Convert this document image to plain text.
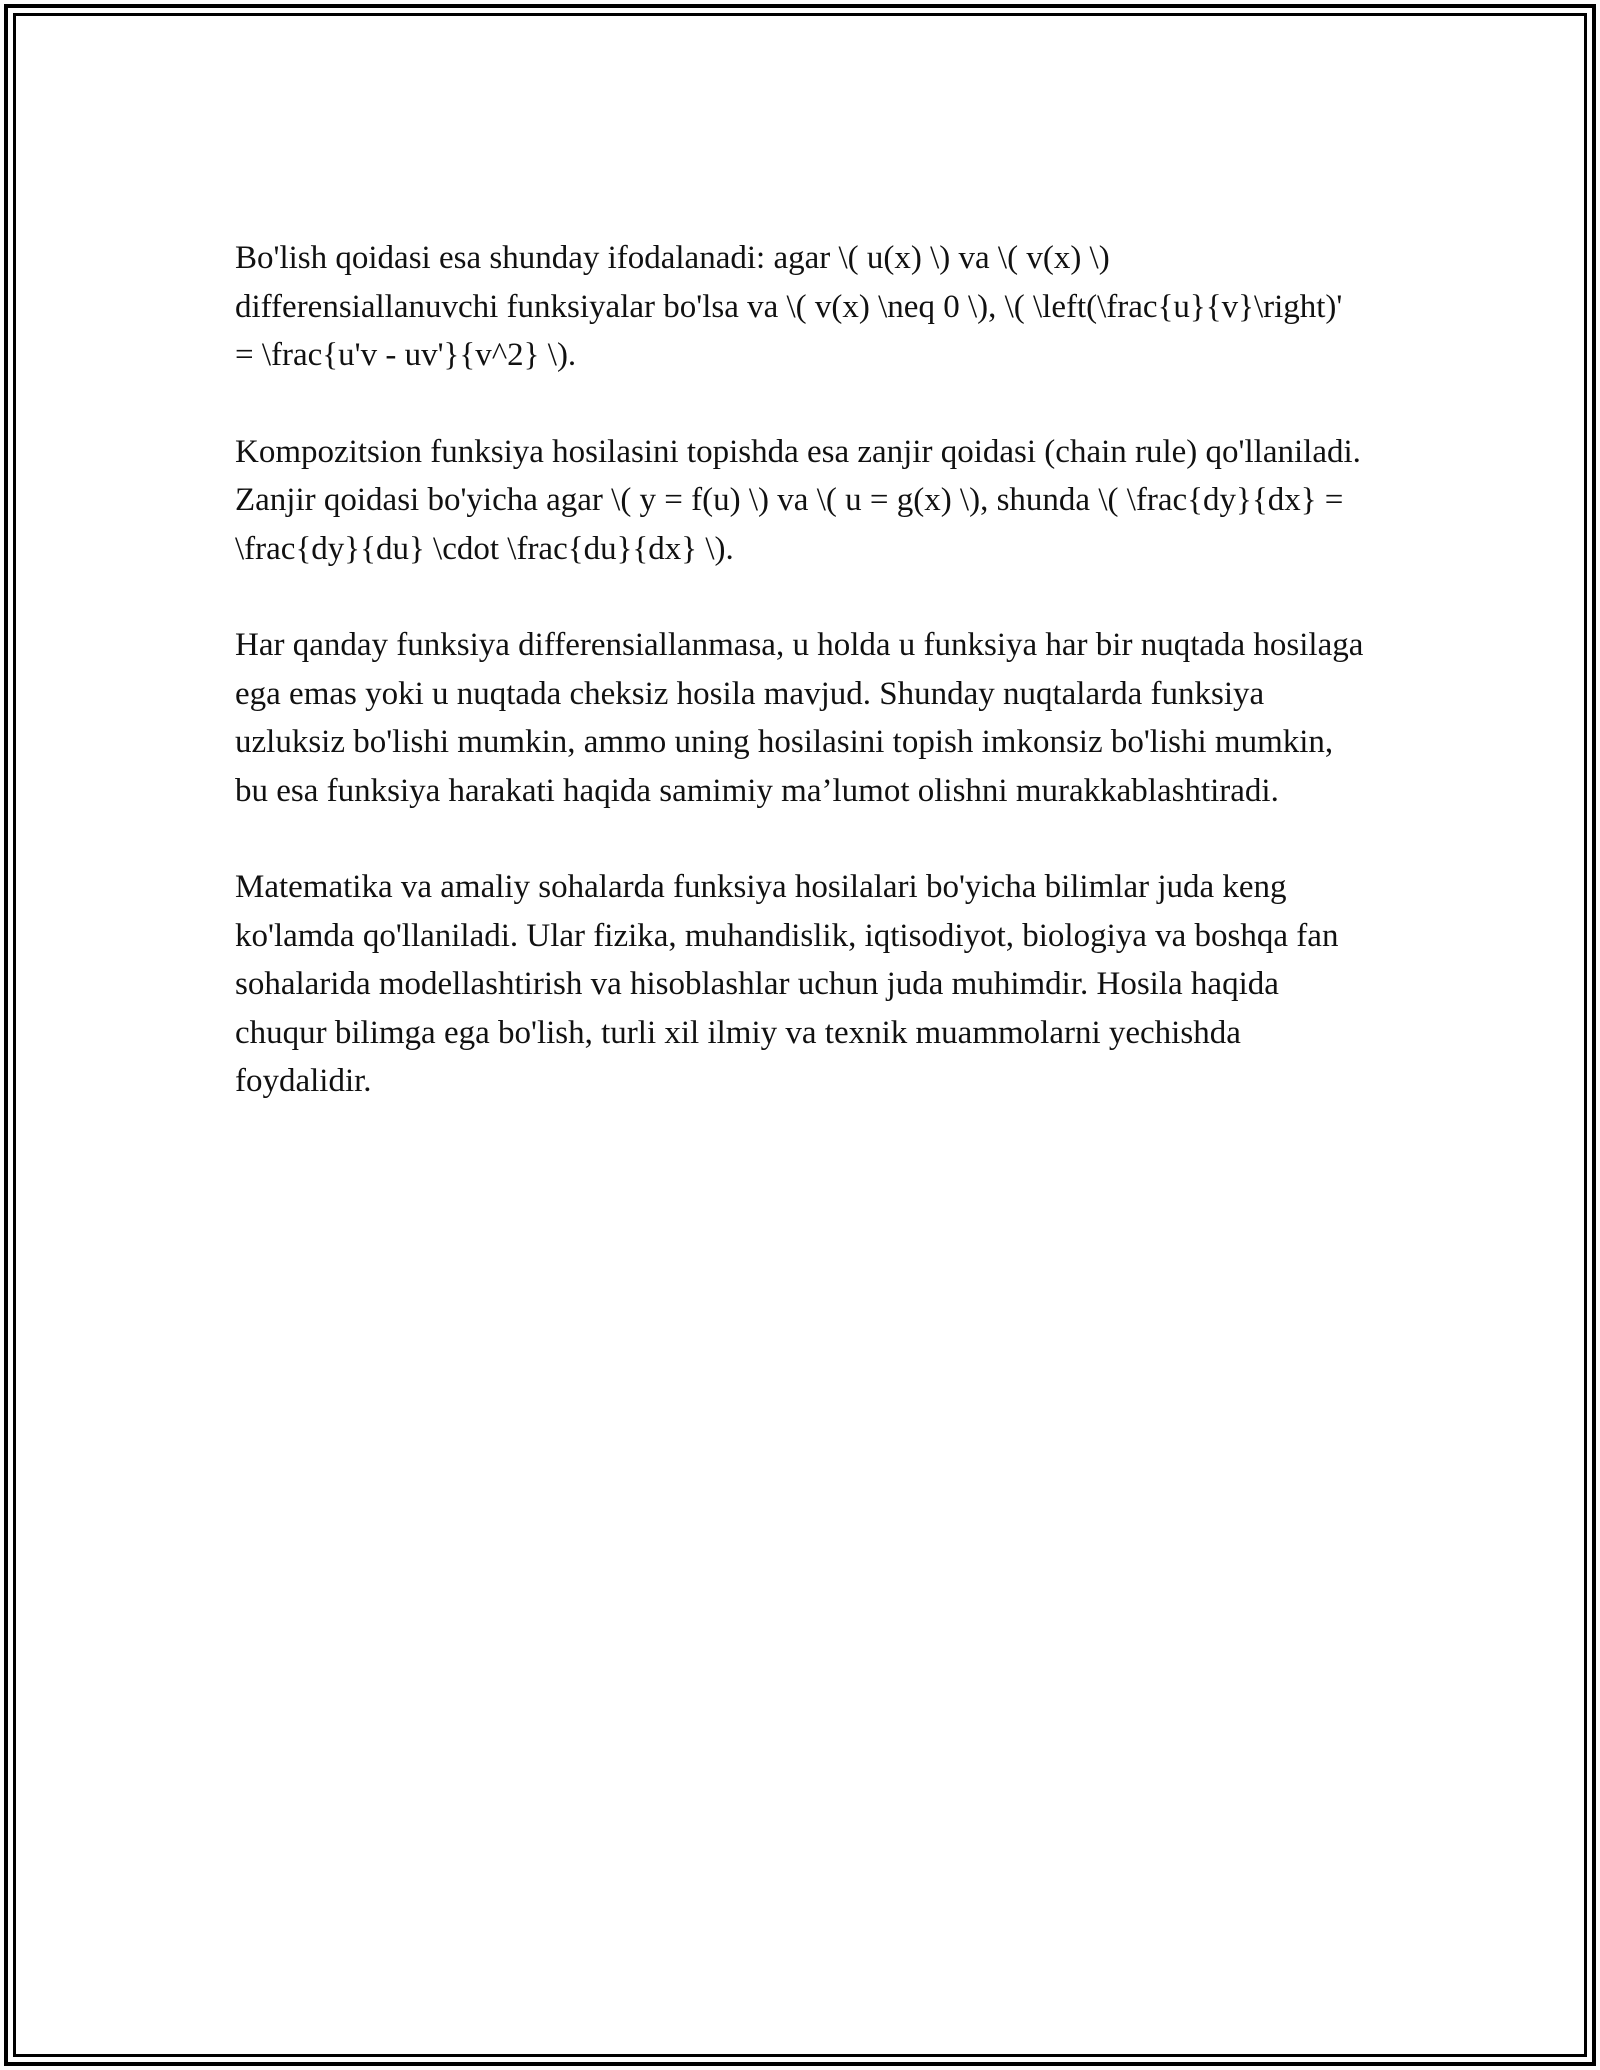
Bo'lish qoidasi esa shunday ifodalanadi: agar \( u(x) \) va \( v(x) \) differensiallanuvchi funksiyalar bo'lsa va \( v(x) \neq 0 \), \( \left(\frac{u}{v}\right)' = \frac{u'v - uv'}{v^2} \).

Kompozitsion funksiya hosilasini topishda esa zanjir qoidasi (chain rule) qo'llaniladi. Zanjir qoidasi bo'yicha agar \( y = f(u) \) va \( u = g(x) \), shunda \( \frac{dy}{dx} = \frac{dy}{du} \cdot \frac{du}{dx} \).

Har qanday funksiya differensiallanmasa, u holda u funksiya har bir nuqtada hosilaga ega emas yoki u nuqtada cheksiz hosila mavjud. Shunday nuqtalarda funksiya uzluksiz bo'lishi mumkin, ammo uning hosilasini topish imkonsiz bo'lishi mumkin, bu esa funksiya harakati haqida samimiy ma’lumot olishni murakkablashtiradi.

Matematika va amaliy sohalarda funksiya hosilalari bo'yicha bilimlar juda keng ko'lamda qo'llaniladi. Ular fizika, muhandislik, iqtisodiyot, biologiya va boshqa fan sohalarida modellashtirish va hisoblashlar uchun juda muhimdir. Hosila haqida chuqur bilimga ega bo'lish, turli xil ilmiy va texnik muammolarni yechishda foydalidir.
